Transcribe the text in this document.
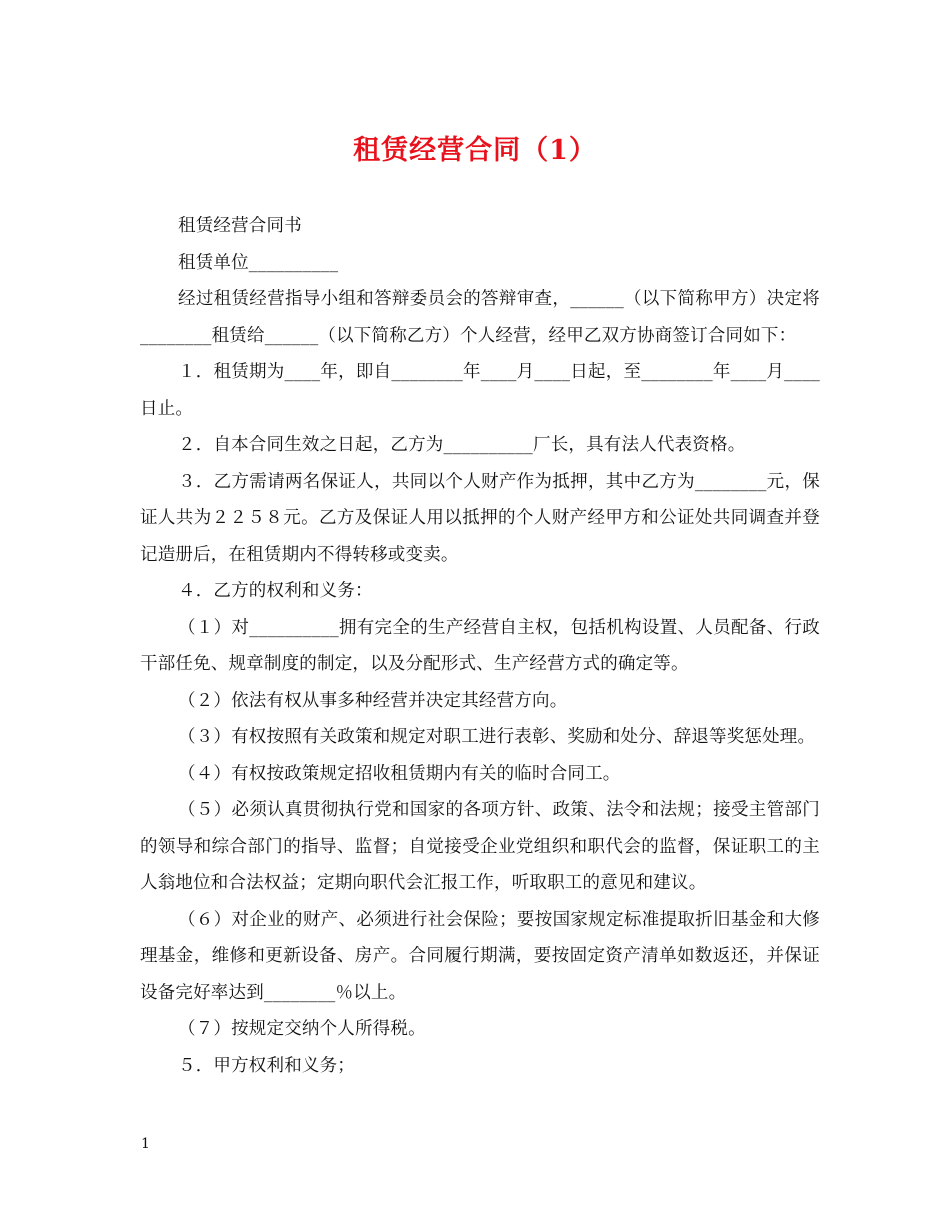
租赁经营合同（1）

租赁经营合同书

租赁单位__________

经过租赁经营指导小组和答辩委员会的答辩审查，______（以下简称甲方）决定将________租赁给______（以下简称乙方）个人经营，经甲乙双方协商签订合同如下：

１．租赁期为____年，即自________年____月____日起，至________年____月____日止。

２．自本合同生效之日起，乙方为__________厂长，具有法人代表资格。

３．乙方需请两名保证人，共同以个人财产作为抵押，其中乙方为________元，保证人共为２２５８元。乙方及保证人用以抵押的个人财产经甲方和公证处共同调查并登记造册后，在租赁期内不得转移或变卖。

４．乙方的权利和义务：

（１）对__________拥有完全的生产经营自主权，包括机构设置、人员配备、行政干部任免、规章制度的制定，以及分配形式、生产经营方式的确定等。

（２）依法有权从事多种经营并决定其经营方向。

（３）有权按照有关政策和规定对职工进行表彰、奖励和处分、辞退等奖惩处理。

（４）有权按政策规定招收租赁期内有关的临时合同工。

（５）必须认真贯彻执行党和国家的各项方针、政策、法令和法规；接受主管部门的领导和综合部门的指导、监督；自觉接受企业党组织和职代会的监督，保证职工的主人翁地位和合法权益；定期向职代会汇报工作，听取职工的意见和建议。

（６）对企业的财产、必须进行社会保险；要按国家规定标准提取折旧基金和大修理基金，维修和更新设备、房产。合同履行期满，要按固定资产清单如数返还，并保证设备完好率达到________％以上。

（７）按规定交纳个人所得税。

５．甲方权利和义务；

1
